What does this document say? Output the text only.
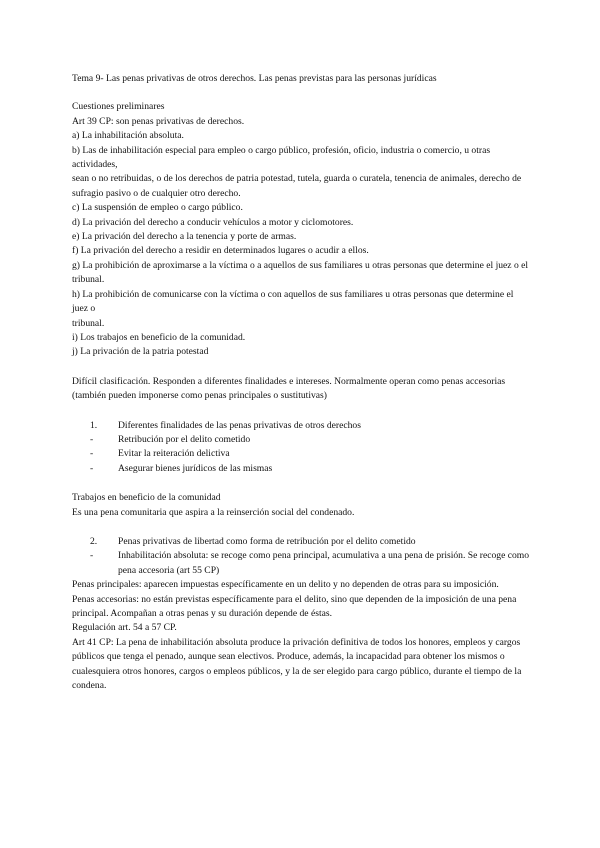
Tema 9- Las penas privativas de otros derechos. Las penas previstas para las personas jurídicas

Cuestiones preliminares

Art 39 CP: son penas privativas de derechos.

a) La inhabilitación absoluta.

b) Las de inhabilitación especial para empleo o cargo público, profesión, oficio, industria o comercio, u otras actividades,

sean o no retribuidas, o de los derechos de patria potestad, tutela, guarda o curatela, tenencia de animales, derecho de

sufragio pasivo o de cualquier otro derecho.

c) La suspensión de empleo o cargo público.

d) La privación del derecho a conducir vehículos a motor y ciclomotores.

e) La privación del derecho a la tenencia y porte de armas.

f) La privación del derecho a residir en determinados lugares o acudir a ellos.

g) La prohibición de aproximarse a la víctima o a aquellos de sus familiares u otras personas que determine el juez o el

tribunal.

h) La prohibición de comunicarse con la víctima o con aquellos de sus familiares u otras personas que determine el juez o

tribunal.

i) Los trabajos en beneficio de la comunidad.

j) La privación de la patria potestad

Difícil clasificación. Responden a diferentes finalidades e intereses. Normalmente operan como penas accesorias (también pueden imponerse como penas principales o sustitutivas)

1. Diferentes finalidades de las penas privativas de otros derechos
-	Retribución por el delito cometido
-	Evitar la reiteración delictiva
-	Asegurar bienes jurídicos de las mismas

Trabajos en beneficio de la comunidad

Es una pena comunitaria que aspira a la reinserción social del condenado.

2. Penas privativas de libertad como forma de retribución por el delito cometido
-	Inhabilitación absoluta: se recoge como pena principal, acumulativa a una pena de prisión. Se recoge como pena accesoria (art 55 CP)

Penas principales: aparecen impuestas específicamente en un delito y no dependen de otras para su imposición.

Penas accesorias: no están previstas específicamente para el delito, sino que dependen de la imposición de una pena principal. Acompañan a otras penas y su duración depende de éstas.

Regulación art. 54 a 57 CP.

Art 41 CP: La pena de inhabilitación absoluta produce la privación definitiva de todos los honores, empleos y cargos públicos que tenga el penado, aunque sean electivos. Produce, además, la incapacidad para obtener los mismos o cualesquiera otros honores, cargos o empleos públicos, y la de ser elegido para cargo público, durante el tiempo de la condena.
